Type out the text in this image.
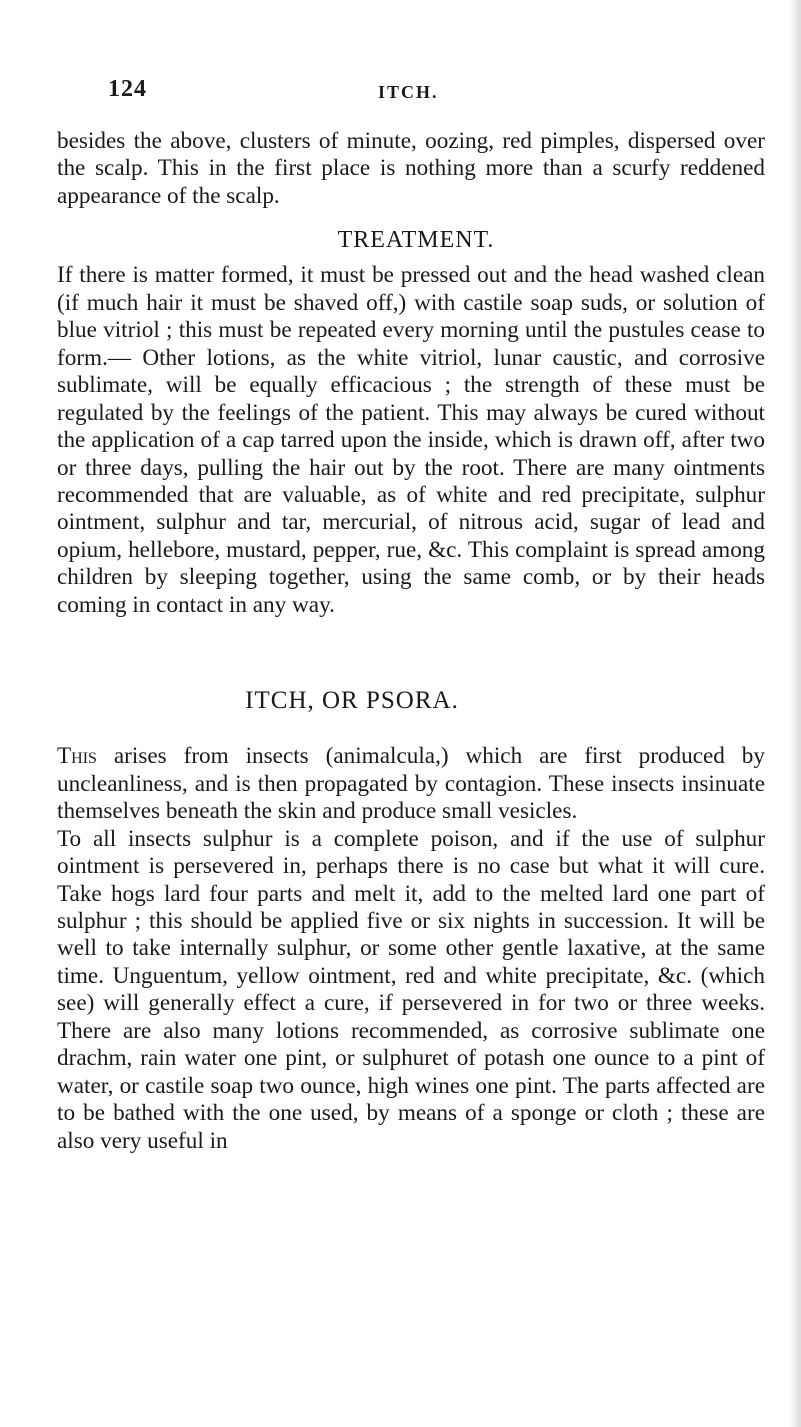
124	ITCH.

besides the above, clusters of minute, oozing, red pimples, dispersed over the scalp. This in the first place is nothing more than a scurfy reddened appearance of the scalp.

TREATMENT.

If there is matter formed, it must be pressed out and the head washed clean (if much hair it must be shaved off,) with castile soap suds, or solution of blue vitriol ; this must be repeated every morning until the pustules cease to form.— Other lotions, as the white vitriol, lunar caustic, and corrosive sublimate, will be equally efficacious ; the strength of these must be regulated by the feelings of the patient. This may always be cured without the application of a cap tarred upon the inside, which is drawn off, after two or three days, pulling the hair out by the root. There are many ointments recommended that are valuable, as of white and red precipitate, sulphur ointment, sulphur and tar, mercurial, of nitrous acid, sugar of lead and opium, hellebore, mustard, pepper, rue, &c. This complaint is spread among children by sleeping together, using the same comb, or by their heads coming in contact in any way.

ITCH, OR PSORA.

This arises from insects (animalcula,) which are first produced by uncleanliness, and is then propagated by contagion. These insects insinuate themselves beneath the skin and produce small vesicles.

To all insects sulphur is a complete poison, and if the use of sulphur ointment is persevered in, perhaps there is no case but what it will cure. Take hogs lard four parts and melt it, add to the melted lard one part of sulphur ; this should be applied five or six nights in succession. It will be well to take internally sulphur, or some other gentle laxative, at the same time. Unguentum, yellow ointment, red and white precipitate, &c. (which see) will generally effect a cure, if persevered in for two or three weeks. There are also many lotions recommended, as corrosive sublimate one drachm, rain water one pint, or sulphuret of potash one ounce to a pint of water, or castile soap two ounce, high wines one pint. The parts affected are to be bathed with the one used, by means of a sponge or cloth ; these are also very useful in
